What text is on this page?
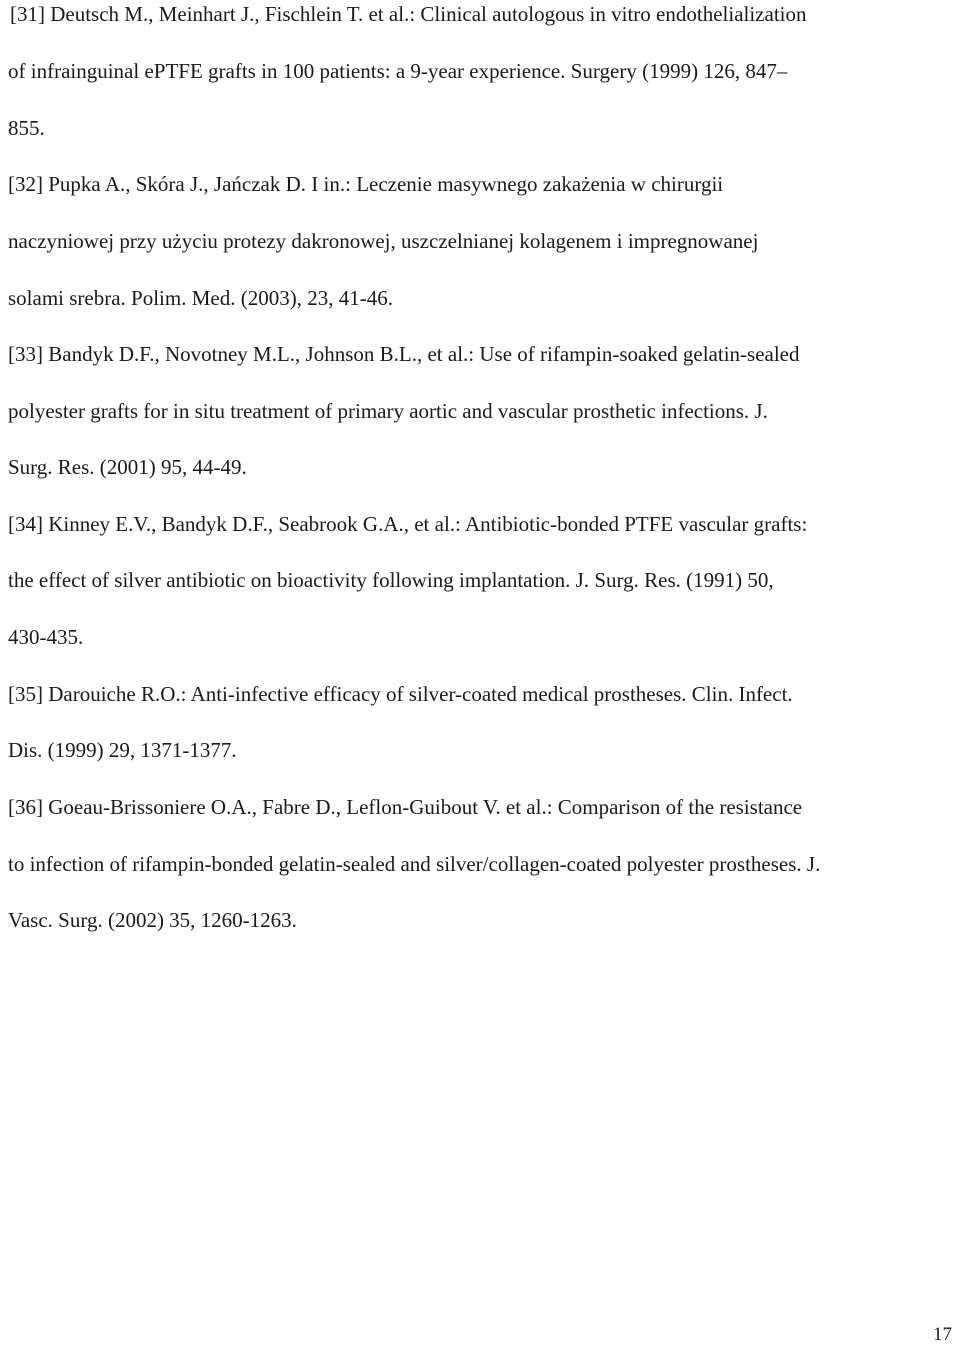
[31] Deutsch M., Meinhart J., Fischlein T. et al.: Clinical autologous in vitro endothelialization
of infrainguinal ePTFE grafts in 100 patients: a 9-year experience. Surgery (1999) 126, 847–
855.
[32] Pupka A., Skóra J., Jańczak D. I in.: Leczenie masywnego zakażenia w chirurgii
naczyniowej przy użyciu protezy dakronowej, uszczelnianej kolagenem i impregnowanej
solami srebra. Polim. Med. (2003), 23, 41-46.
[33] Bandyk D.F., Novotney M.L., Johnson B.L., et al.: Use of rifampin-soaked gelatin-sealed
polyester grafts for in situ treatment of primary aortic and vascular prosthetic infections. J.
Surg. Res. (2001) 95, 44-49.
[34] Kinney E.V., Bandyk D.F., Seabrook G.A., et al.: Antibiotic-bonded PTFE vascular grafts:
the effect of silver antibiotic on bioactivity following implantation. J. Surg. Res. (1991) 50,
430-435.
[35] Darouiche R.O.: Anti-infective efficacy of silver-coated medical prostheses. Clin. Infect.
Dis. (1999) 29, 1371-1377.
[36] Goeau-Brissoniere O.A., Fabre D., Leflon-Guibout V. et al.: Comparison of the resistance
to infection of rifampin-bonded gelatin-sealed and silver/collagen-coated polyester prostheses. J.
Vasc. Surg. (2002) 35, 1260-1263.
17
